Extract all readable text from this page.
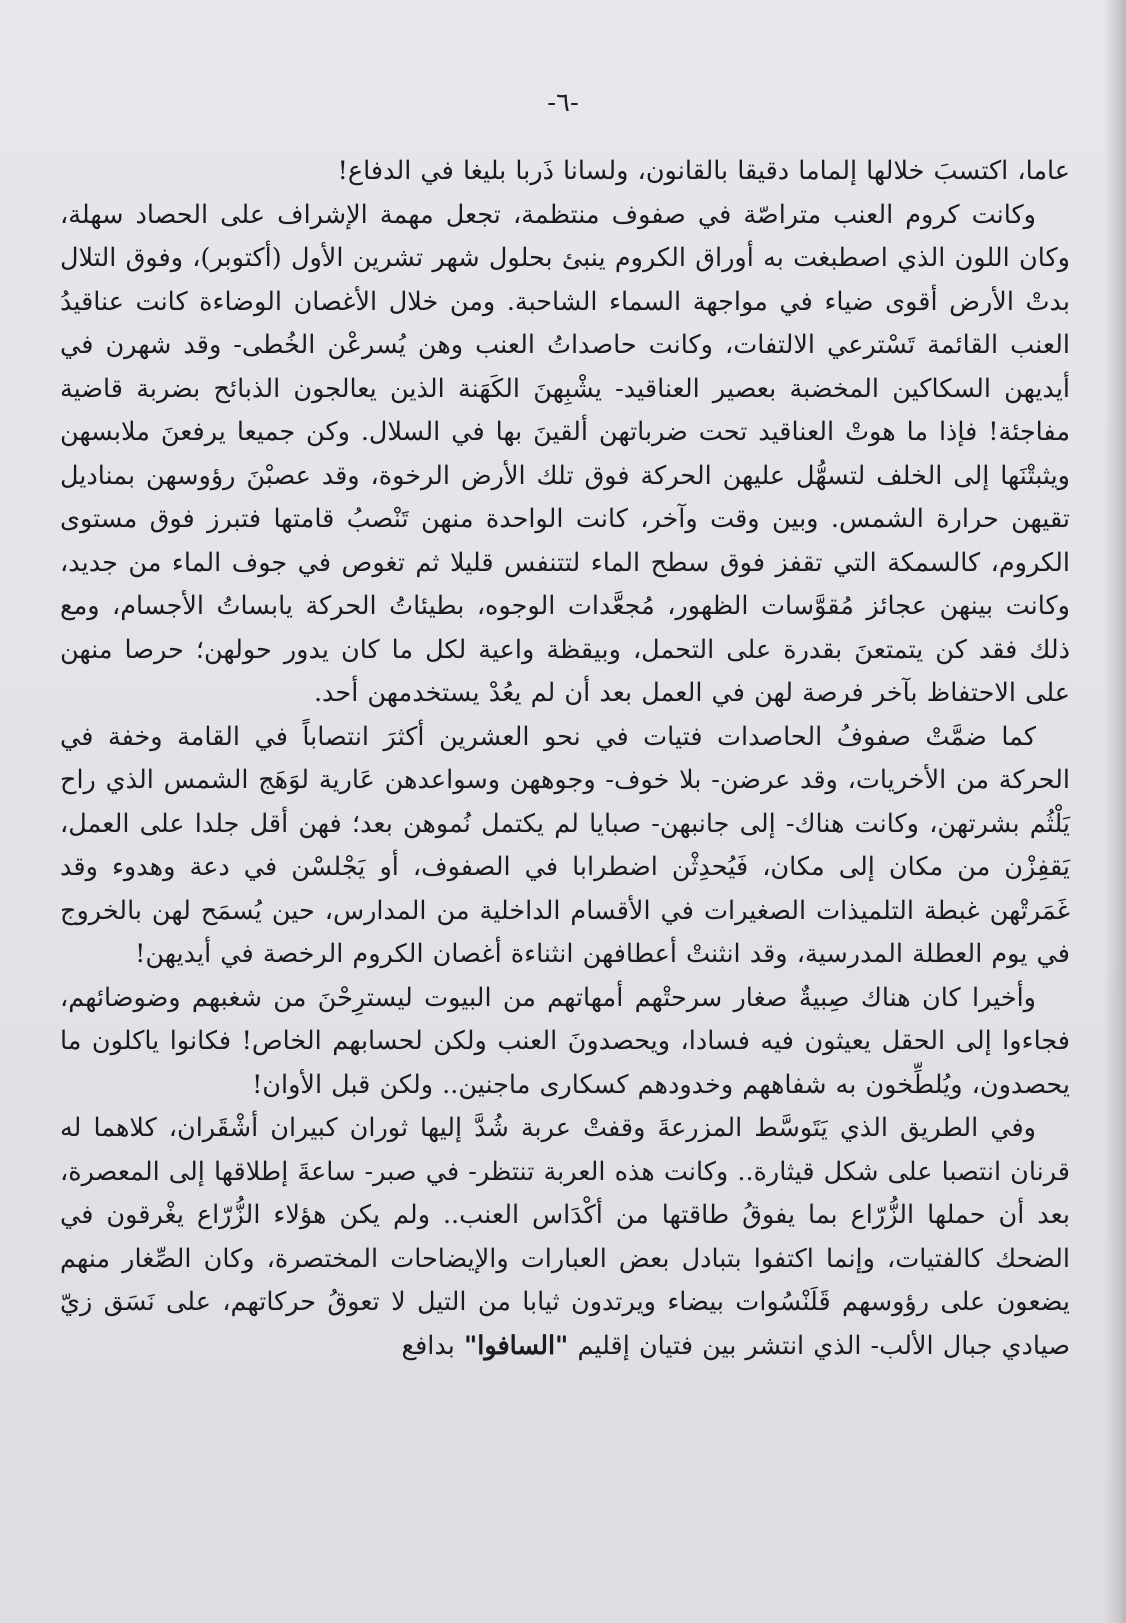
-٦-

عاما، اكتسبَ خلالها إلماما دقيقا بالقانون، ولسانا ذَربا بليغا في الدفاع!

وكانت كروم العنب متراصّة في صفوف منتظمة، تجعل مهمة الإشراف على الحصاد سهلة، وكان اللون الذي اصطبغت به أوراق الكروم ينبئ بحلول شهر تشرين الأول (أكتوبر)، وفوق التلال بدتْ الأرض أقوى ضياء في مواجهة السماء الشاحبة. ومن خلال الأغصان الوضاءة كانت عناقيدُ العنب القائمة تَسْترعي الالتفات، وكانت حاصداتُ العنب وهن يُسرعْن الخُطى- وقد شهرن في أيديهن السكاكين المخضبة بعصير العناقيد- يشْبِهنَ الكَهَنة الذين يعالجون الذبائح بضربة قاضية مفاجئة! فإذا ما هوتْ العناقيد تحت ضرباتهن ألقينَ بها في السلال. وكن جميعا يرفعنَ ملابسهن ويثبتْنَها إلى الخلف لتسهُّل عليهن الحركة فوق تلك الأرض الرخوة، وقد عصبْنَ رؤوسهن بمناديل تقيهن حرارة الشمس. وبين وقت وآخر، كانت الواحدة منهن تَنْصبُ قامتها فتبرز فوق مستوى الكروم، كالسمكة التي تقفز فوق سطح الماء لتتنفس قليلا ثم تغوص في جوف الماء من جديد، وكانت بينهن عجائز مُقوَّسات الظهور، مُجعَّدات الوجوه، بطيئاتُ الحركة يابساتُ الأجسام، ومع ذلك فقد كن يتمتعنَ بقدرة على التحمل، وبيقظة واعية لكل ما كان يدور حولهن؛ حرصا منهن على الاحتفاظ بآخر فرصة لهن في العمل بعد أن لم يعُدْ يستخدمهن أحد.

كما ضمَّتْ صفوفُ الحاصدات فتيات في نحو العشرين أكثرَ انتصاباً في القامة وخفة في الحركة من الأخريات، وقد عرضن- بلا خوف- وجوههن وسواعدهن عَارية لوَهَج الشمس الذي راح يَلْثُم بشرتهن، وكانت هناك- إلى جانبهن- صبايا لم يكتمل نُموهن بعد؛ فهن أقل جلدا على العمل، يَقفِزْن من مكان إلى مكان، فَيُحدِثْن اضطرابا في الصفوف، أو يَجْلسْن في دعة وهدوء وقد غَمَرتْهن غبطة التلميذات الصغيرات في الأقسام الداخلية من المدارس، حين يُسمَح لهن بالخروج في يوم العطلة المدرسية، وقد انثنتْ أعطافهن انثناءة أغصان الكروم الرخصة في أيديهن!

وأخيرا كان هناك صِبيةٌ صغار سرحتْهم أمهاتهم من البيوت ليسترِحْنَ من شغبهم وضوضائهم، فجاءوا إلى الحقل يعيثون فيه فسادا، ويحصدونَ العنب ولكن لحسابهم الخاص! فكانوا ياكلون ما يحصدون، ويُلطِّخون به شفاههم وخدودهم كسكارى ماجنين.. ولكن قبل الأوان!

وفي الطريق الذي يَتَوسَّط المزرعةَ وقفتْ عربة شُدَّ إليها ثوران كبيران أشْقَران، كلاهما له قرنان انتصبا على شكل قيثارة.. وكانت هذه العربة تنتظر- في صبر- ساعةَ إطلاقها إلى المعصرة، بعد أن حملها الزُّرّاع بما يفوقُ طاقتها من أكْدَاس العنب.. ولم يكن هؤلاء الزُّرّاع يغْرقون في الضحك كالفتيات، وإنما اكتفوا بتبادل بعض العبارات والإيضاحات المختصرة، وكان الصِّغار منهم يضعون على رؤوسهم قَلَنْسُوات بيضاء ويرتدون ثيابا من التيل لا تعوقُ حركاتهم، على نَسَق زيّ صيادي جبال الألب- الذي انتشر بين فتيان إقليم "السافوا" بدافع
